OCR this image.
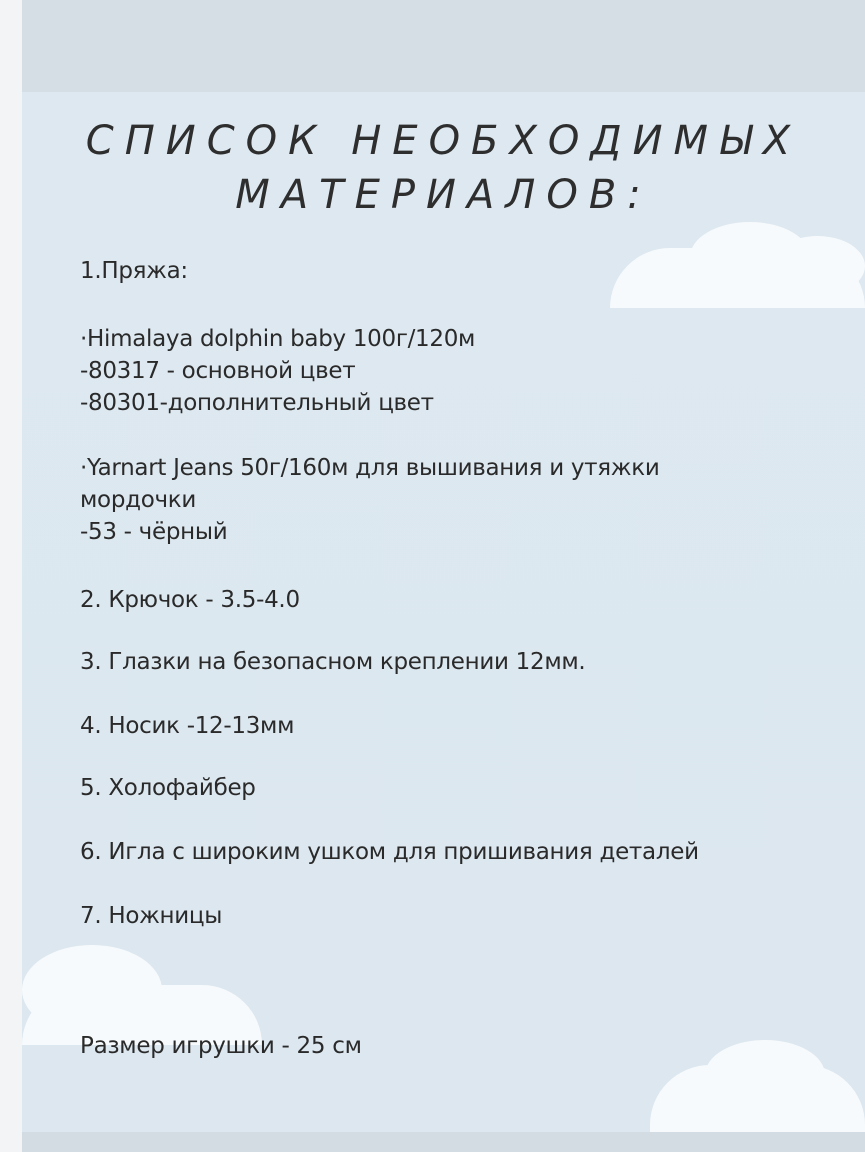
СПИСОК НЕОБХОДИМЫХ
МАТЕРИАЛОВ:
1.Пряжа:
·Himalaya dolphin baby 100г/120м
-80317 - основной цвет
-80301-дополнительный цвет
·Yarnart Jeans 50г/160м для вышивания и утяжки
мордочки
-53 - чёрный
2. Крючок - 3.5-4.0
3. Глазки на безопасном креплении 12мм.
4. Носик -12-13мм
5. Холофайбер
6. Игла с широким ушком для пришивания деталей
7. Ножницы
Размер игрушки - 25 см
